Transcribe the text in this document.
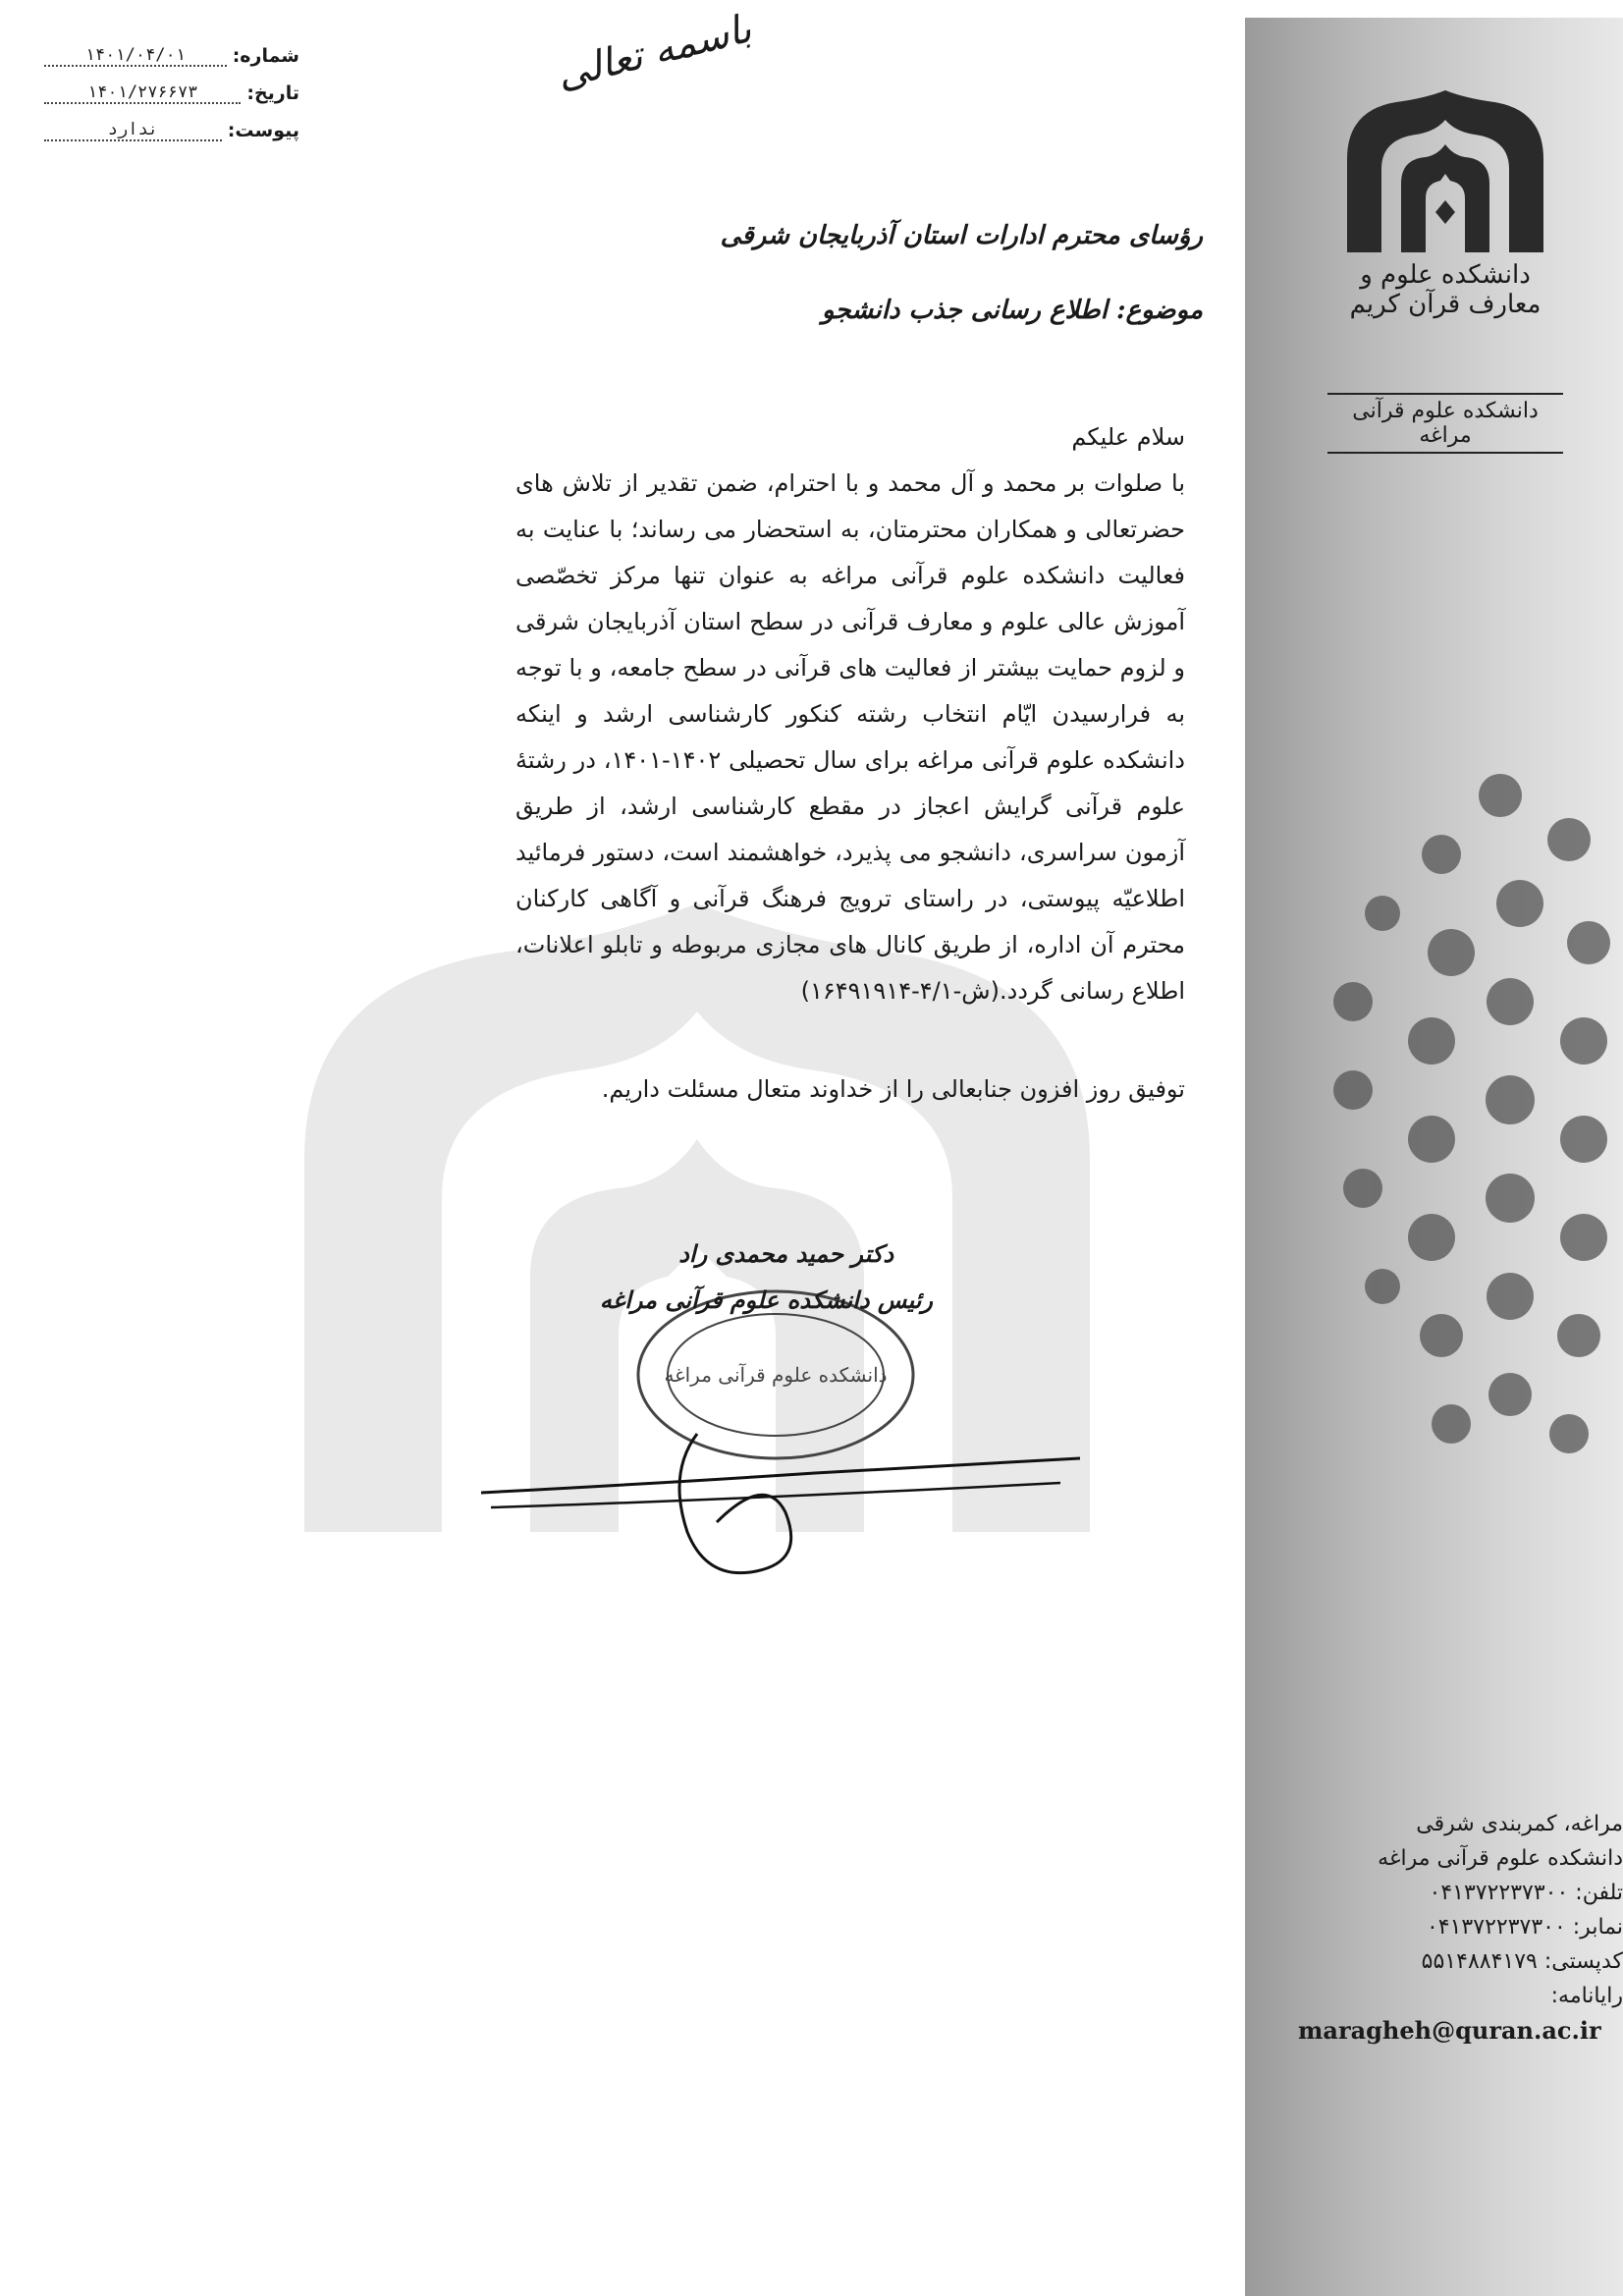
دانشکده علوم و معارف قرآن کریم
دانشکده علوم قرآنی مراغه
شماره:
۱۴۰۱/۰۴/۰۱
تاریخ:
۱۴۰۱/۲۷۶۶۷۳
پیوست:
ندارد
باسمه تعالی
رؤسای محترم ادارات استان آذربایجان شرقی
موضوع: اطلاع رسانی جذب دانشجو
سلام علیکم
با صلوات بر محمد و آل محمد و با احترام، ضمن تقدیر از تلاش های حضرتعالی و همکاران محترمتان، به استحضار می رساند؛ با عنایت به فعالیت دانشکده علوم قرآنی مراغه به عنوان تنها مرکز تخصّصی آموزش عالی علوم و معارف قرآنی در سطح استان آذربایجان شرقی و لزوم حمایت بیشتر از فعالیت های قرآنی در سطح جامعه، و با توجه به فرارسیدن ایّام انتخاب رشته کنکور کارشناسی ارشد و اینکه دانشکده علوم قرآنی مراغه برای سال تحصیلی ۱۴۰۲-۱۴۰۱، در رشتهٔ علوم قرآنی گرایش اعجاز در مقطع کارشناسی ارشد، از طریق آزمون سراسری، دانشجو می پذیرد، خواهشمند است، دستور فرمائید اطلاعیّه پیوستی، در راستای ترویج فرهنگ قرآنی و آگاهی کارکنان محترم آن اداره، از طریق کانال های مجازی مربوطه و تابلو اعلانات، اطلاع رسانی گردد.(ش-۴/۱-۱۶۴۹۱۹۱۴)
توفیق روز افزون جنابعالی را از خداوند متعال مسئلت داریم.
دانشکده علوم قرآنی مراغه
دکتر حمید محمدی راد
رئیس دانشکده علوم قرآنی مراغه
مراغه، کمربندی شرقی
دانشکده علوم قرآنی مراغه
تلفن: ۰۴۱۳۷۲۲۳۷۳۰۰
نمابر: ۰۴۱۳۷۲۲۳۷۳۰۰
کدپستی: ۵۵۱۴۸۸۴۱۷۹
رایانامه:
maragheh@quran.ac.ir
